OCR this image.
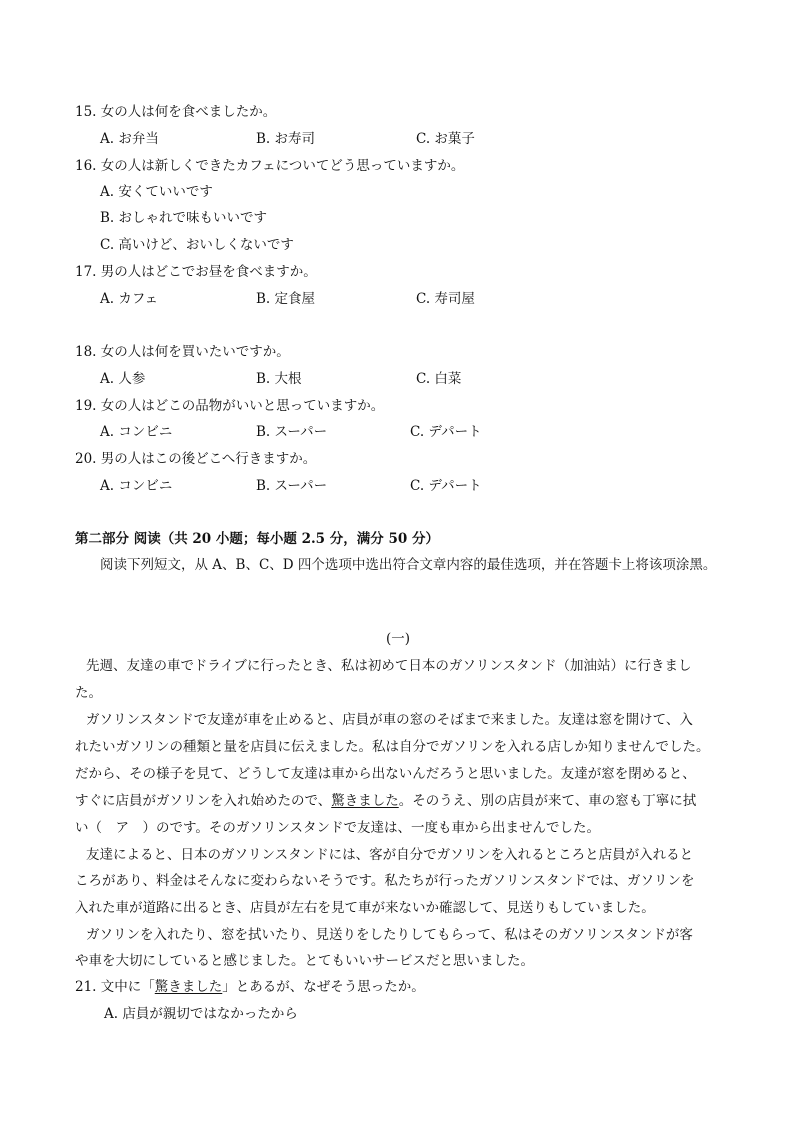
15. 女の人は何を食べましたか。
A. お弁当	B. お寿司	C. お菓子
16. 女の人は新しくできたカフェについてどう思っていますか。
A. 安くていいです
B. おしゃれで味もいいです
C. 高いけど、おいしくないです
17. 男の人はどこでお昼を食べますか。
A. カフェ	B. 定食屋	C. 寿司屋
18. 女の人は何を買いたいですか。
A. 人参	B. 大根	C. 白菜
19. 女の人はどこの品物がいいと思っていますか。
A. コンビニ	B. スーパー	C. デパート
20. 男の人はこの後どこへ行きますか。
A. コンビニ	B. スーパー	C. デパート
第二部分 阅读（共 20 小题；每小题 2.5 分，满分 50 分）
阅读下列短文，从 A、B、C、D 四个选项中选出符合文章内容的最佳选项，并在答题卡上将该项涂黑。
(一)
先週、友達の車でドライブに行ったとき、私は初めて日本のガソリンスタンド（加油站）に行きまし
た。
ガソリンスタンドで友達が車を止めると、店員が車の窓のそばまで来ました。友達は窓を開けて、入
れたいガソリンの種類と量を店員に伝えました。私は自分でガソリンを入れる店しか知りませんでした。
だから、その様子を見て、どうして友達は車から出ないんだろうと思いました。友達が窓を閉めると、
すぐに店員がガソリンを入れ始めたので、驚きました。そのうえ、別の店員が来て、車の窓も丁寧に拭
い（　ア　）のです。そのガソリンスタンドで友達は、一度も車から出ませんでした。
友達によると、日本のガソリンスタンドには、客が自分でガソリンを入れるところと店員が入れると
ころがあり、料金はそんなに変わらないそうです。私たちが行ったガソリンスタンドでは、ガソリンを
入れた車が道路に出るとき、店員が左右を見て車が来ないか確認して、見送りもしていました。
ガソリンを入れたり、窓を拭いたり、見送りをしたりしてもらって、私はそのガソリンスタンドが客
や車を大切にしていると感じました。とてもいいサービスだと思いました。
21. 文中に「驚きました」とあるが、なぜそう思ったか。
A. 店員が親切ではなかったから
